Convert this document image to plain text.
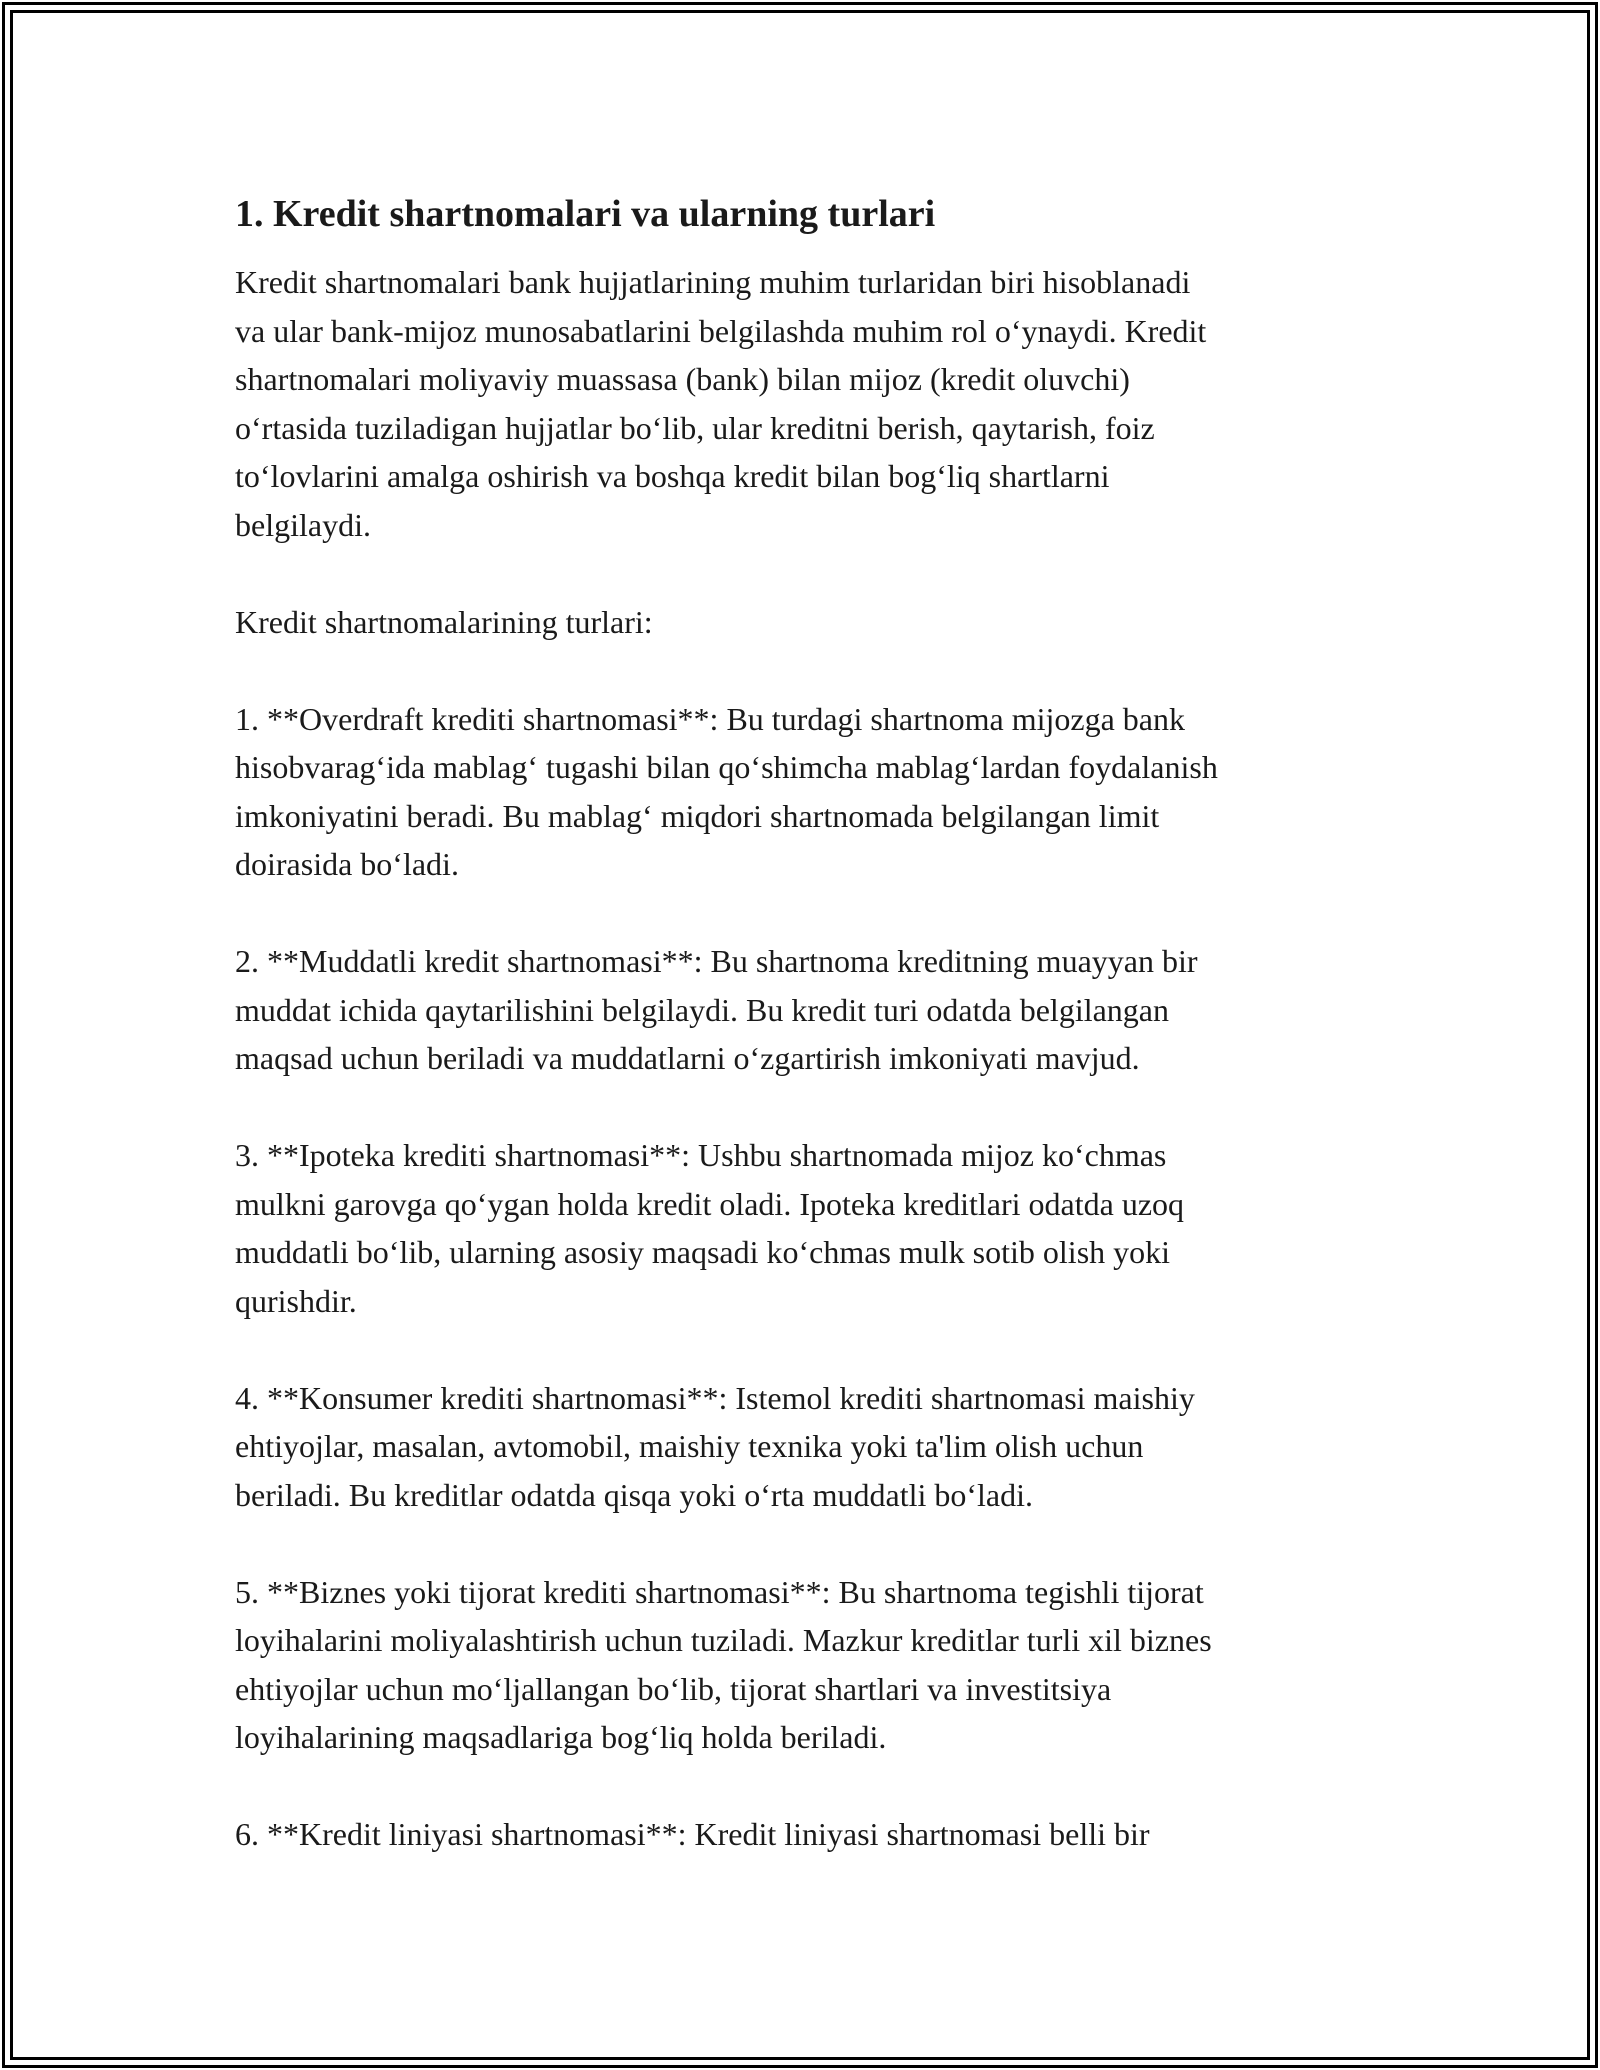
1. Kredit shartnomalari va ularning turlari

Kredit shartnomalari bank hujjatlarining muhim turlaridan biri hisoblanadi
va ular bank-mijoz munosabatlarini belgilashda muhim rol o‘ynaydi. Kredit
shartnomalari moliyaviy muassasa (bank) bilan mijoz (kredit oluvchi)
o‘rtasida tuziladigan hujjatlar bo‘lib, ular kreditni berish, qaytarish, foiz
to‘lovlarini amalga oshirish va boshqa kredit bilan bog‘liq shartlarni
belgilaydi.

Kredit shartnomalarining turlari:

1. **Overdraft krediti shartnomasi**: Bu turdagi shartnoma mijozga bank
hisobvarag‘ida mablag‘ tugashi bilan qo‘shimcha mablag‘lardan foydalanish
imkoniyatini beradi. Bu mablag‘ miqdori shartnomada belgilangan limit
doirasida bo‘ladi.

2. **Muddatli kredit shartnomasi**: Bu shartnoma kreditning muayyan bir
muddat ichida qaytarilishini belgilaydi. Bu kredit turi odatda belgilangan
maqsad uchun beriladi va muddatlarni o‘zgartirish imkoniyati mavjud.

3. **Ipoteka krediti shartnomasi**: Ushbu shartnomada mijoz ko‘chmas
mulkni garovga qo‘ygan holda kredit oladi. Ipoteka kreditlari odatda uzoq
muddatli bo‘lib, ularning asosiy maqsadi ko‘chmas mulk sotib olish yoki
qurishdir.

4. **Konsumer krediti shartnomasi**: Istemol krediti shartnomasi maishiy
ehtiyojlar, masalan, avtomobil, maishiy texnika yoki ta'lim olish uchun
beriladi. Bu kreditlar odatda qisqa yoki o‘rta muddatli bo‘ladi.

5. **Biznes yoki tijorat krediti shartnomasi**: Bu shartnoma tegishli tijorat
loyihalarini moliyalashtirish uchun tuziladi. Mazkur kreditlar turli xil biznes
ehtiyojlar uchun mo‘ljallangan bo‘lib, tijorat shartlari va investitsiya
loyihalarining maqsadlariga bog‘liq holda beriladi.

6. **Kredit liniyasi shartnomasi**: Kredit liniyasi shartnomasi belli bir
